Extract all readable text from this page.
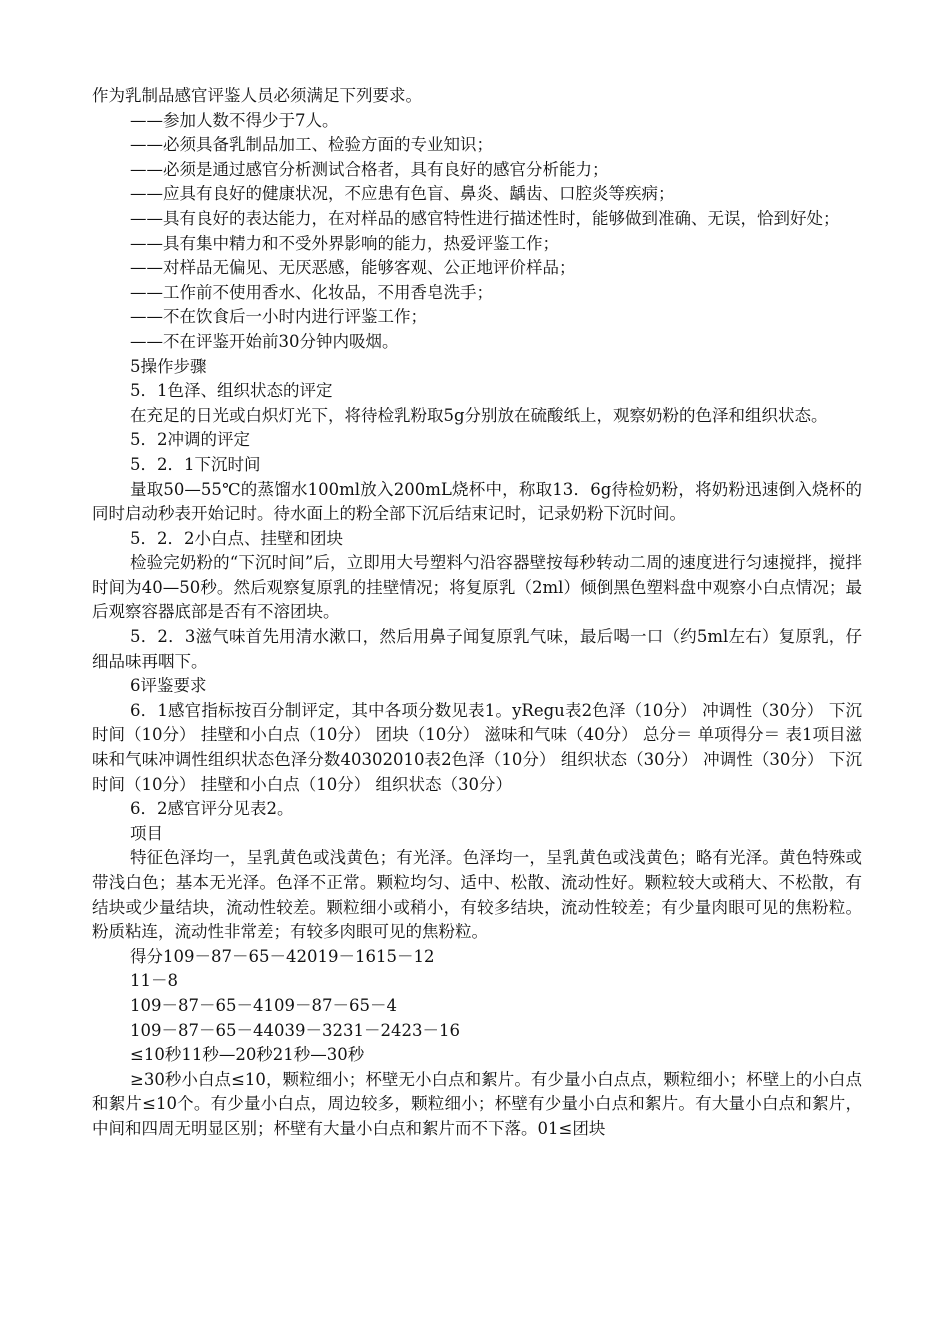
作为乳制品感官评鉴人员必须满足下列要求。

——参加人数不得少于7人。

——必须具备乳制品加工、检验方面的专业知识；

——必须是通过感官分析测试合格者，具有良好的感官分析能力；

——应具有良好的健康状况，不应患有色盲、鼻炎、龋齿、口腔炎等疾病；

——具有良好的表达能力，在对样品的感官特性进行描述性时，能够做到准确、无误，恰到好处；

——具有集中精力和不受外界影响的能力，热爱评鉴工作；

——对样品无偏见、无厌恶感，能够客观、公正地评价样品；

——工作前不使用香水、化妆品，不用香皂洗手；

——不在饮食后一小时内进行评鉴工作；

——不在评鉴开始前30分钟内吸烟。

5操作步骤

5．1色泽、组织状态的评定

在充足的日光或白炽灯光下，将待检乳粉取5g分别放在硫酸纸上，观察奶粉的色泽和组织状态。

5．2冲调的评定

5．2．1下沉时间

量取50—55℃的蒸馏水100ml放入200mL烧杯中，称取13．6g待检奶粉，将奶粉迅速倒入烧杯的同时启动秒表开始记时。待水面上的粉全部下沉后结束记时，记录奶粉下沉时间。

5．2．2小白点、挂壁和团块

检验完奶粉的“下沉时间”后，立即用大号塑料勺沿容器壁按每秒转动二周的速度进行匀速搅拌，搅拌时间为40—50秒。然后观察复原乳的挂壁情况；将复原乳（2ml）倾倒黑色塑料盘中观察小白点情况；最后观察容器底部是否有不溶团块。

5．2．3滋气味首先用清水漱口，然后用鼻子闻复原乳气味，最后喝一口（约5ml左右）复原乳，仔细品味再咽下。

6评鉴要求

6．1感官指标按百分制评定，其中各项分数见表1。yRegu表2色泽（10分） 冲调性（30分） 下沉时间（10分） 挂壁和小白点（10分） 团块（10分） 滋味和气味（40分） 总分＝ 单项得分＝ 表1项目滋味和气味冲调性组织状态色泽分数40302010表2色泽（10分） 组织状态（30分） 冲调性（30分） 下沉时间（10分） 挂壁和小白点（10分） 组织状态（30分）

6．2感官评分见表2。

项目

特征色泽均一，呈乳黄色或浅黄色；有光泽。色泽均一，呈乳黄色或浅黄色；略有光泽。黄色特殊或带浅白色；基本无光泽。色泽不正常。颗粒均匀、适中、松散、流动性好。颗粒较大或稍大、不松散，有结块或少量结块，流动性较差。颗粒细小或稍小，有较多结块，流动性较差；有少量肉眼可见的焦粉粒。粉质粘连，流动性非常差；有较多肉眼可见的焦粉粒。

得分109－87－65－42019－1615－12

11－8

109－87－65－4109－87－65－4

109－87－65－44039－3231－2423－16

≤10秒11秒—20秒21秒—30秒

≥30秒小白点≤10，颗粒细小；杯壁无小白点和絮片。有少量小白点点，颗粒细小；杯壁上的小白点和絮片≤10个。有少量小白点，周边较多，颗粒细小；杯壁有少量小白点和絮片。有大量小白点和絮片，中间和四周无明显区别；杯壁有大量小白点和絮片而不下落。01≤团块
